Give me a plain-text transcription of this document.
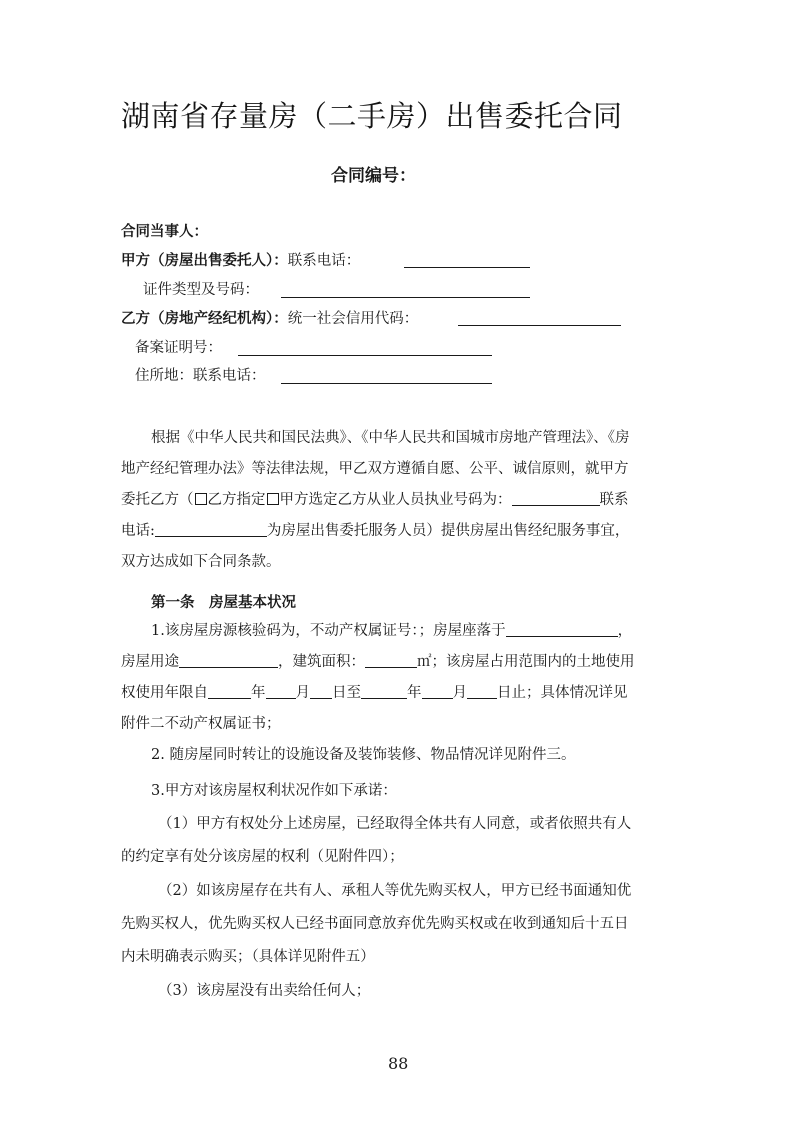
湖南省存量房（二手房）出售委托合同
合同编号：
合同当事人：
甲方（房屋出售委托人）：联系电话：
证件类型及号码：
乙方（房地产经纪机构）：统一社会信用代码：
备案证明号：
住所地：联系电话：
根据《中华人民共和国民法典》、《中华人民共和国城市房地产管理法》、《房
地产经纪管理办法》等法律法规，甲乙双方遵循自愿、公平、诚信原则，就甲方
委托乙方（ 乙方指定 甲方选定乙方从业人员执业号码为：	联系
电话:	为房屋出售委托服务人员）提供房屋出售经纪服务事宜，
双方达成如下合同条款。
第一条　房屋基本状况
1.该房屋房源核验码为，不动产权属证号：；房屋座落于	，
房屋用途	，建筑面积：	㎡；该房屋占用范围内的土地使用
权使用年限自	年 月 日至	年 月 日止；具体情况详见
附件二不动产权属证书；
2. 随房屋同时转让的设施设备及装饰装修、物品情况详见附件三。
3.甲方对该房屋权利状况作如下承诺：
（1）甲方有权处分上述房屋，已经取得全体共有人同意，或者依照共有人
的约定享有处分该房屋的权利（见附件四）；
（2）如该房屋存在共有人、承租人等优先购买权人，甲方已经书面通知优
先购买权人，优先购买权人已经书面同意放弃优先购买权或在收到通知后十五日
内未明确表示购买；（具体详见附件五）
（3）该房屋没有出卖给任何人；
88
